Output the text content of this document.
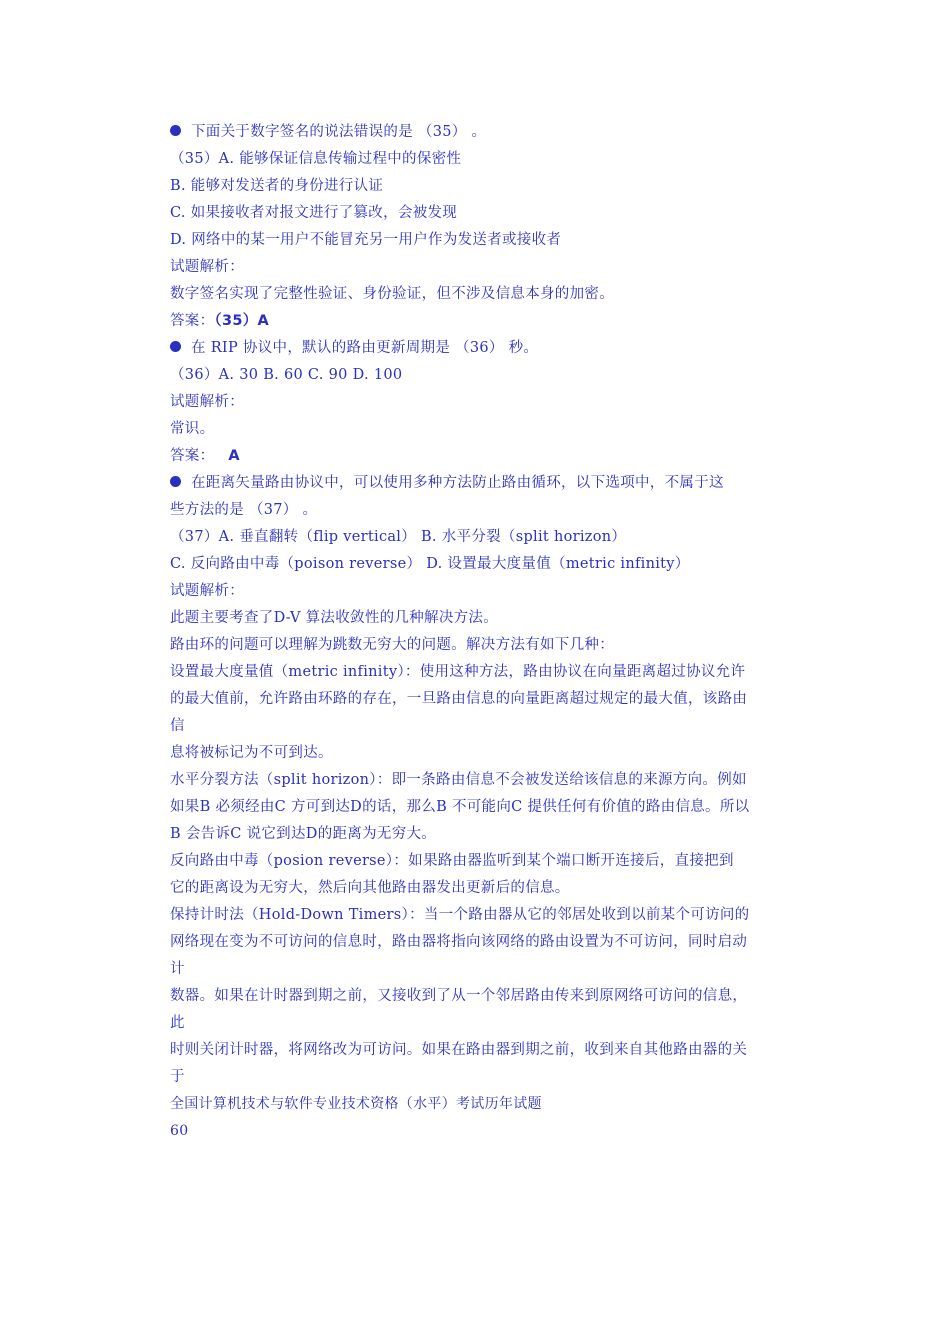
下面关于数字签名的说法错误的是 （35） 。
（35）A. 能够保证信息传输过程中的保密性
B. 能够对发送者的身份进行认证
C. 如果接收者对报文进行了篡改，会被发现
D. 网络中的某一用户不能冒充另一用户作为发送者或接收者
试题解析：
数字签名实现了完整性验证、身份验证，但不涉及信息本身的加密。
答案：（35）A
在 RIP 协议中，默认的路由更新周期是 （36） 秒。
（36）A. 30 B. 60 C. 90 D. 100
试题解析：
常识。
答案： A
在距离矢量路由协议中，可以使用多种方法防止路由循环，以下选项中，不属于这
些方法的是 （37） 。
（37）A. 垂直翻转（flip vertical） B. 水平分裂（split horizon）
C. 反向路由中毒（poison reverse） D. 设置最大度量值（metric infinity）
试题解析：
此题主要考查了D-V 算法收敛性的几种解决方法。
路由环的问题可以理解为跳数无穷大的问题。解决方法有如下几种：
设置最大度量值（metric infinity）：使用这种方法，路由协议在向量距离超过协议允许
的最大值前，允许路由环路的存在，一旦路由信息的向量距离超过规定的最大值，该路由
信
息将被标记为不可到达。
水平分裂方法（split horizon）：即一条路由信息不会被发送给该信息的来源方向。例如
如果B 必须经由C 方可到达D的话，那么B 不可能向C 提供任何有价值的路由信息。所以
B 会告诉C 说它到达D的距离为无穷大。
反向路由中毒（posion reverse）：如果路由器监听到某个端口断开连接后，直接把到
它的距离设为无穷大，然后向其他路由器发出更新后的信息。
保持计时法（Hold-Down Timers）：当一个路由器从它的邻居处收到以前某个可访问的
网络现在变为不可访问的信息时，路由器将指向该网络的路由设置为不可访问，同时启动
计
数器。如果在计时器到期之前，又接收到了从一个邻居路由传来到原网络可访问的信息，
此
时则关闭计时器，将网络改为可访问。如果在路由器到期之前，收到来自其他路由器的关
于
全国计算机技术与软件专业技术资格（水平）考试历年试题
60
